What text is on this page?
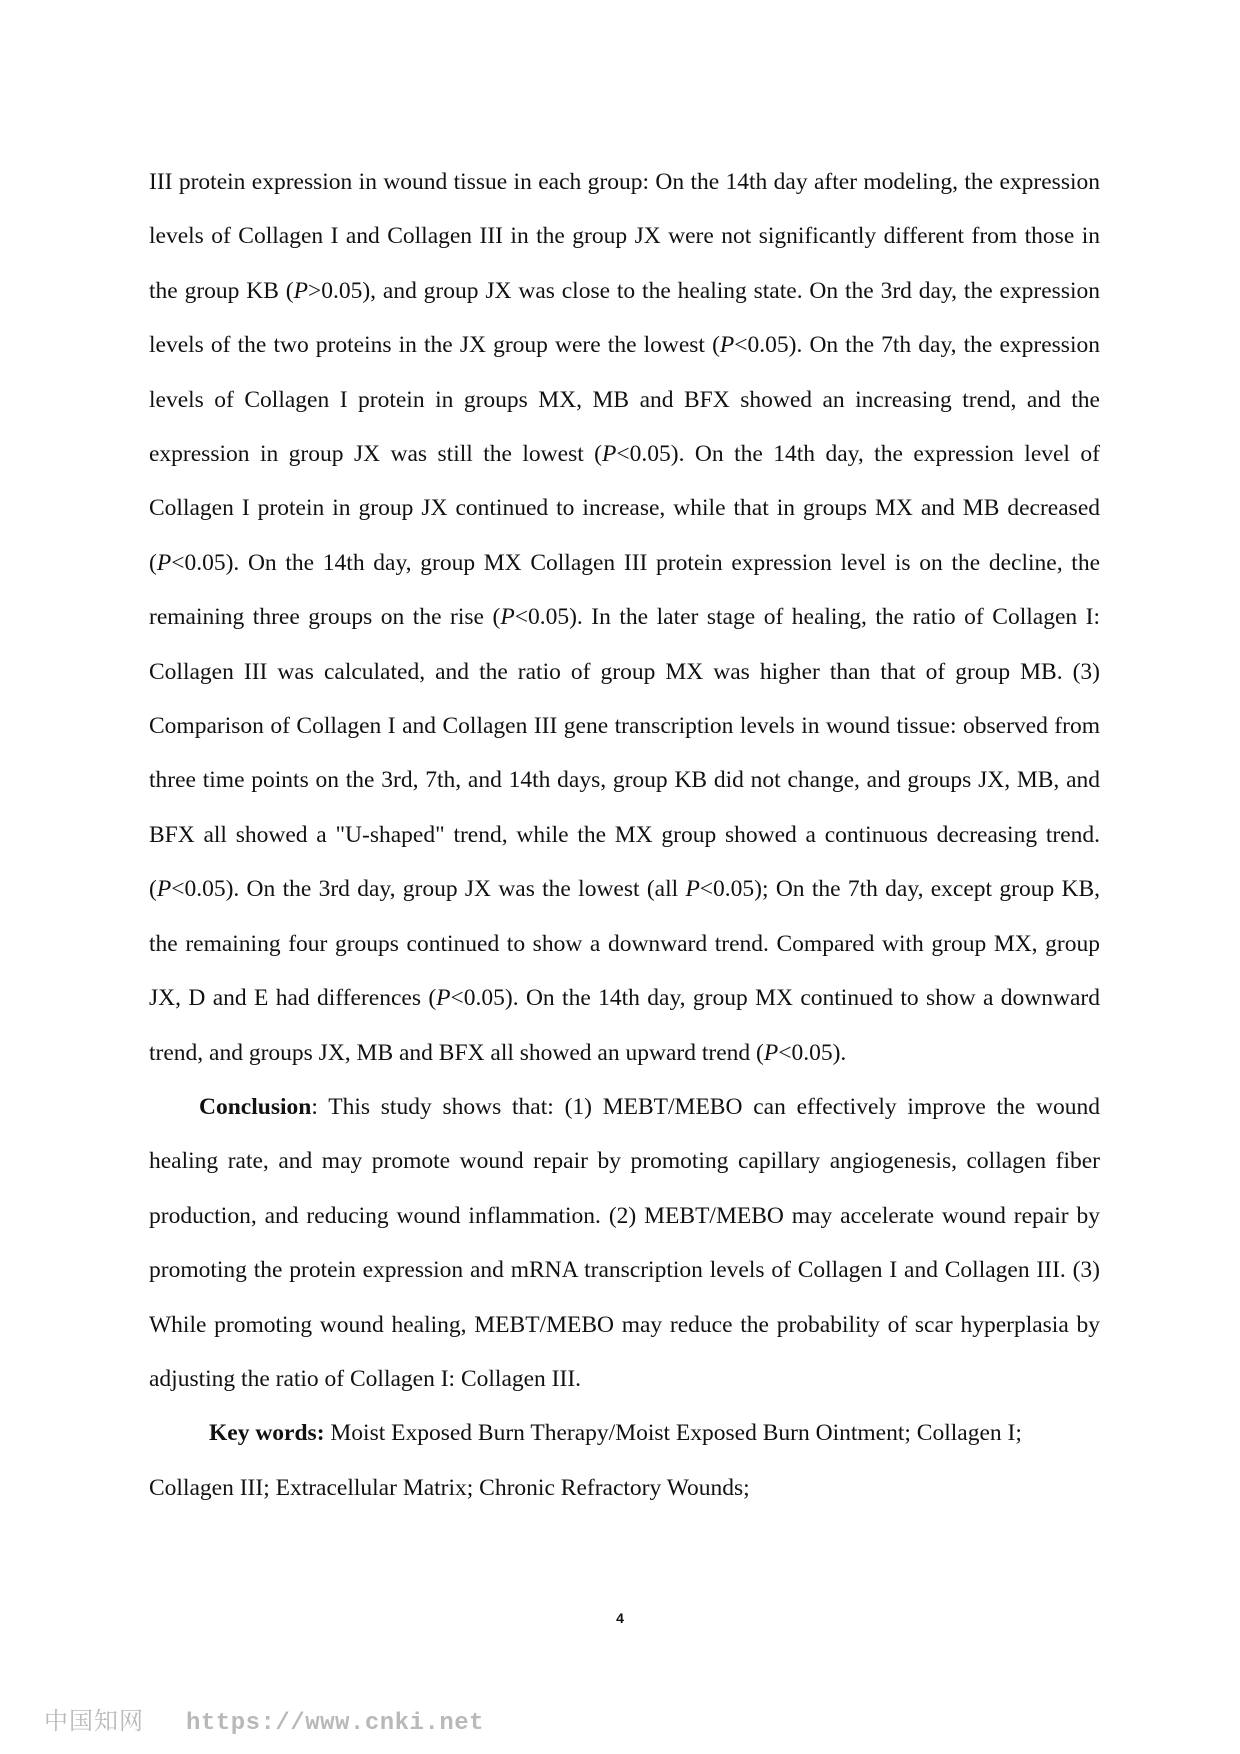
III protein expression in wound tissue in each group: On the 14th day after modeling, the expression levels of Collagen I and Collagen III in the group JX were not significantly different from those in the group KB (P>0.05), and group JX was close to the healing state. On the 3rd day, the expression levels of the two proteins in the JX group were the lowest (P<0.05). On the 7th day, the expression levels of Collagen I protein in groups MX, MB and BFX showed an increasing trend, and the expression in group JX was still the lowest (P<0.05). On the 14th day, the expression level of Collagen I protein in group JX continued to increase, while that in groups MX and MB decreased (P<0.05). On the 14th day, group MX Collagen III protein expression level is on the decline, the remaining three groups on the rise (P<0.05). In the later stage of healing, the ratio of Collagen I: Collagen III was calculated, and the ratio of group MX was higher than that of group MB. (3) Comparison of Collagen I and Collagen III gene transcription levels in wound tissue: observed from three time points on the 3rd, 7th, and 14th days, group KB did not change, and groups JX, MB, and BFX all showed a "U-shaped" trend, while the MX group showed a continuous decreasing trend.(P<0.05). On the 3rd day, group JX was the lowest (all P<0.05); On the 7th day, except group KB, the remaining four groups continued to show a downward trend. Compared with group MX, group JX, D and E had differences (P<0.05). On the 14th day, group MX continued to show a downward trend, and groups JX, MB and BFX all showed an upward trend (P<0.05).

Conclusion: This study shows that: (1) MEBT/MEBO can effectively improve the wound healing rate, and may promote wound repair by promoting capillary angiogenesis, collagen fiber production, and reducing wound inflammation. (2) MEBT/MEBO may accelerate wound repair by promoting the protein expression and mRNA transcription levels of Collagen I and Collagen III. (3) While promoting wound healing, MEBT/MEBO may reduce the probability of scar hyperplasia by adjusting the ratio of Collagen I: Collagen III.

Key words: Moist Exposed Burn Therapy/Moist Exposed Burn Ointment; Collagen I; Collagen III; Extracellular Matrix; Chronic Refractory Wounds;

4
中国知网 https://www.cnki.net
